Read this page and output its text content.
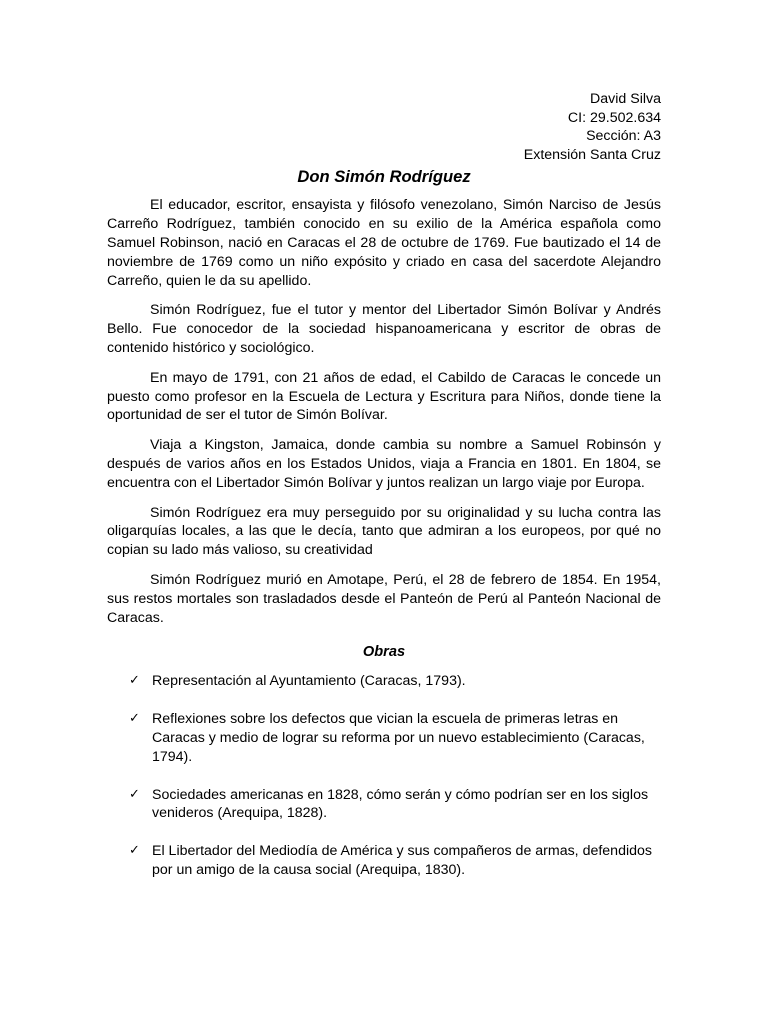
David Silva
CI: 29.502.634
Sección: A3
Extensión Santa Cruz
Don Simón Rodríguez

El educador, escritor, ensayista y filósofo venezolano, Simón Narciso de Jesús Carreño Rodríguez, también conocido en su exilio de la América española como Samuel Robinson, nació en Caracas el 28 de octubre de 1769. Fue bautizado el 14 de noviembre de 1769 como un niño expósito y criado en casa del sacerdote Alejandro Carreño, quien le da su apellido.

Simón Rodríguez, fue el tutor y mentor del Libertador Simón Bolívar y Andrés Bello. Fue conocedor de la sociedad hispanoamericana y escritor de obras de contenido histórico y sociológico.

En mayo de 1791, con 21 años de edad, el Cabildo de Caracas le concede un puesto como profesor en la Escuela de Lectura y Escritura para Niños, donde tiene la oportunidad de ser el tutor de Simón Bolívar.

Viaja a Kingston, Jamaica, donde cambia su nombre a Samuel Robinsón y después de varios años en los Estados Unidos, viaja a Francia en 1801. En 1804, se encuentra con el Libertador Simón Bolívar y juntos realizan un largo viaje por Europa.

Simón Rodríguez era muy perseguido por su originalidad y su lucha contra las oligarquías locales, a las que le decía, tanto que admiran a los europeos, por qué no copian su lado más valioso, su creatividad

Simón Rodríguez murió en Amotape, Perú, el 28 de febrero de 1854. En 1954, sus restos mortales son trasladados desde el Panteón de Perú al Panteón Nacional de Caracas.

Obras
✓ Representación al Ayuntamiento (Caracas, 1793).
✓ Reflexiones sobre los defectos que vician la escuela de primeras letras en Caracas y medio de lograr su reforma por un nuevo establecimiento (Caracas, 1794).
✓ Sociedades americanas en 1828, cómo serán y cómo podrían ser en los siglos venideros (Arequipa, 1828).
✓ El Libertador del Mediodía de América y sus compañeros de armas, defendidos por un amigo de la causa social (Arequipa, 1830).
